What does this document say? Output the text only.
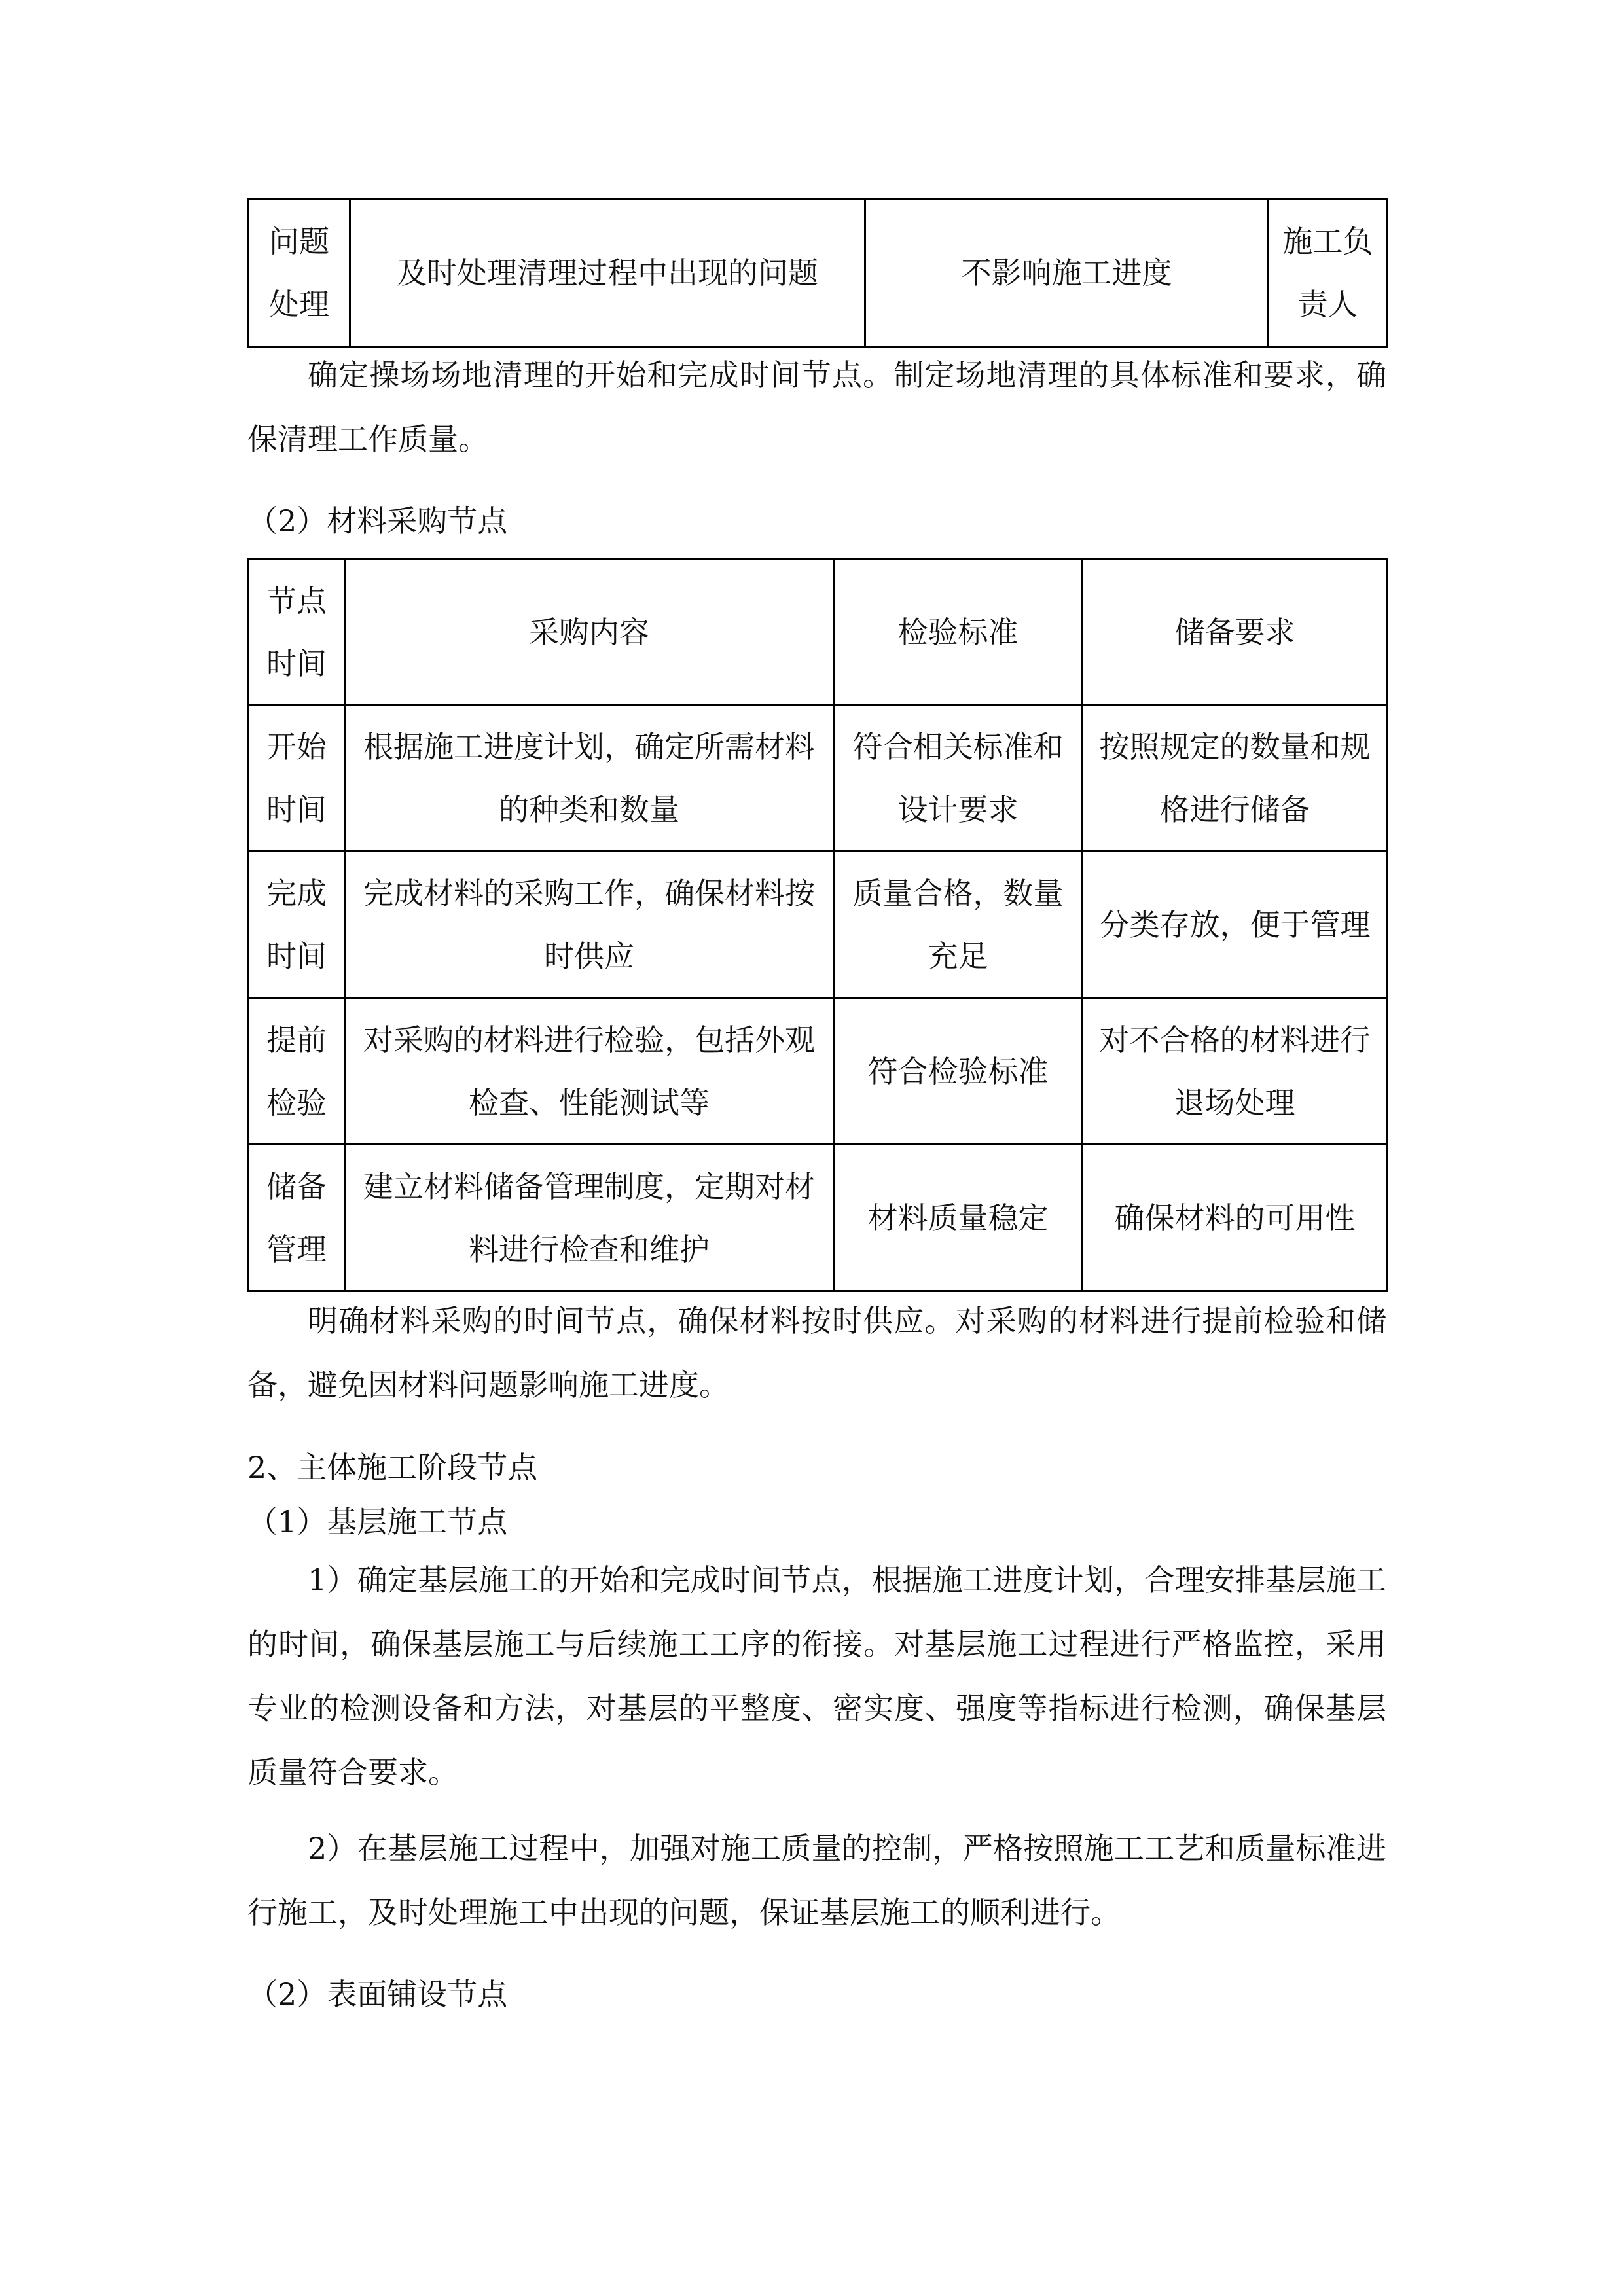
问题处理	及时处理清理过程中出现的问题	不影响施工进度	施工负责人

确定操场场地清理的开始和完成时间节点。制定场地清理的具体标准和要求，确保清理工作质量。

（2）材料采购节点

节点时间	采购内容	检验标准	储备要求
开始时间	根据施工进度计划，确定所需材料的种类和数量	符合相关标准和设计要求	按照规定的数量和规格进行储备
完成时间	完成材料的采购工作，确保材料按时供应	质量合格，数量充足	分类存放，便于管理
提前检验	对采购的材料进行检验，包括外观检查、性能测试等	符合检验标准	对不合格的材料进行退场处理
储备管理	建立材料储备管理制度，定期对材料进行检查和维护	材料质量稳定	确保材料的可用性

明确材料采购的时间节点，确保材料按时供应。对采购的材料进行提前检验和储备，避免因材料问题影响施工进度。

2、主体施工阶段节点

（1）基层施工节点

1）确定基层施工的开始和完成时间节点，根据施工进度计划，合理安排基层施工的时间，确保基层施工与后续施工工序的衔接。对基层施工过程进行严格监控，采用专业的检测设备和方法，对基层的平整度、密实度、强度等指标进行检测，确保基层质量符合要求。

2）在基层施工过程中，加强对施工质量的控制，严格按照施工工艺和质量标准进行施工，及时处理施工中出现的问题，保证基层施工的顺利进行。

（2）表面铺设节点
